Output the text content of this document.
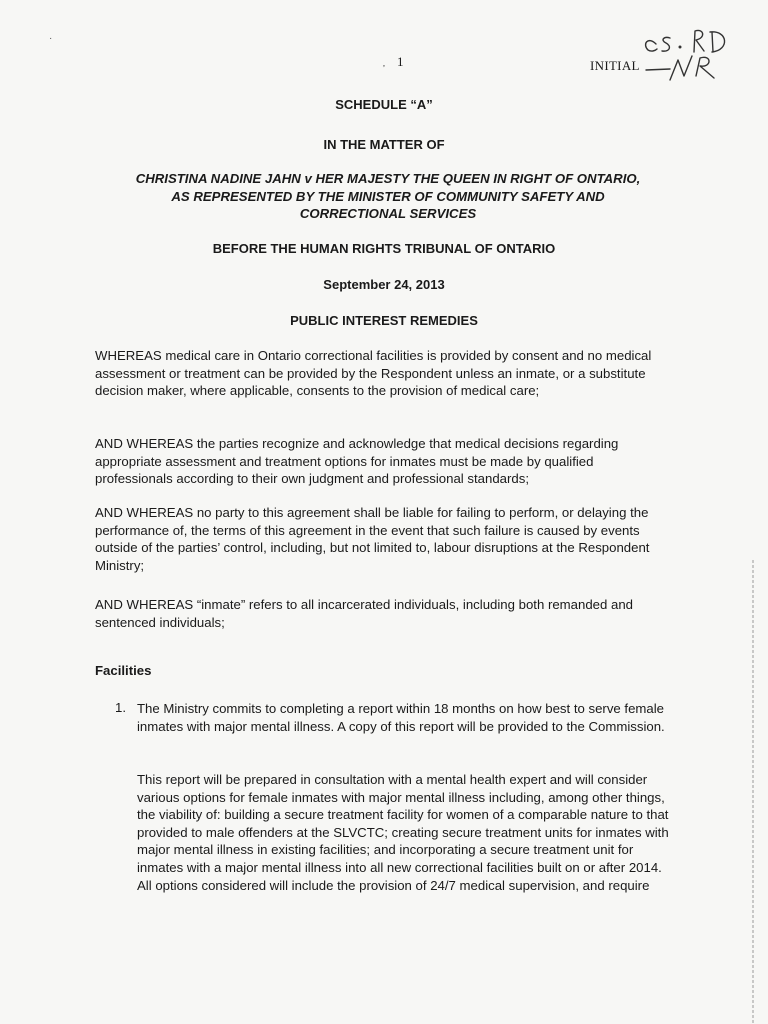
·
, 1	INITIAL
SCHEDULE “A”
IN THE MATTER OF
CHRISTINA NADINE JAHN v HER MAJESTY THE QUEEN IN RIGHT OF ONTARIO,
AS REPRESENTED BY THE MINISTER OF COMMUNITY SAFETY AND
CORRECTIONAL SERVICES
BEFORE THE HUMAN RIGHTS TRIBUNAL OF ONTARIO
September 24, 2013
PUBLIC INTEREST REMEDIES

WHEREAS medical care in Ontario correctional facilities is provided by consent and no medical assessment or treatment can be provided by the Respondent unless an inmate, or a substitute decision maker, where applicable, consents to the provision of medical care;

AND WHEREAS the parties recognize and acknowledge that medical decisions regarding appropriate assessment and treatment options for inmates must be made by qualified professionals according to their own judgment and professional standards;

AND WHEREAS no party to this agreement shall be liable for failing to perform, or delaying the performance of, the terms of this agreement in the event that such failure is caused by events outside of the parties’ control, including, but not limited to, labour disruptions at the Respondent Ministry;

AND WHEREAS “inmate” refers to all incarcerated individuals, including both remanded and sentenced individuals;

Facilities
1. The Ministry commits to completing a report within 18 months on how best to serve female inmates with major mental illness. A copy of this report will be provided to the Commission.

This report will be prepared in consultation with a mental health expert and will consider various options for female inmates with major mental illness including, among other things, the viability of: building a secure treatment facility for women of a comparable nature to that provided to male offenders at the SLVCTC; creating secure treatment units for inmates with major mental illness in existing facilities; and incorporating a secure treatment unit for inmates with a major mental illness into all new correctional facilities built on or after 2014. All options considered will include the provision of 24/7 medical supervision, and require
